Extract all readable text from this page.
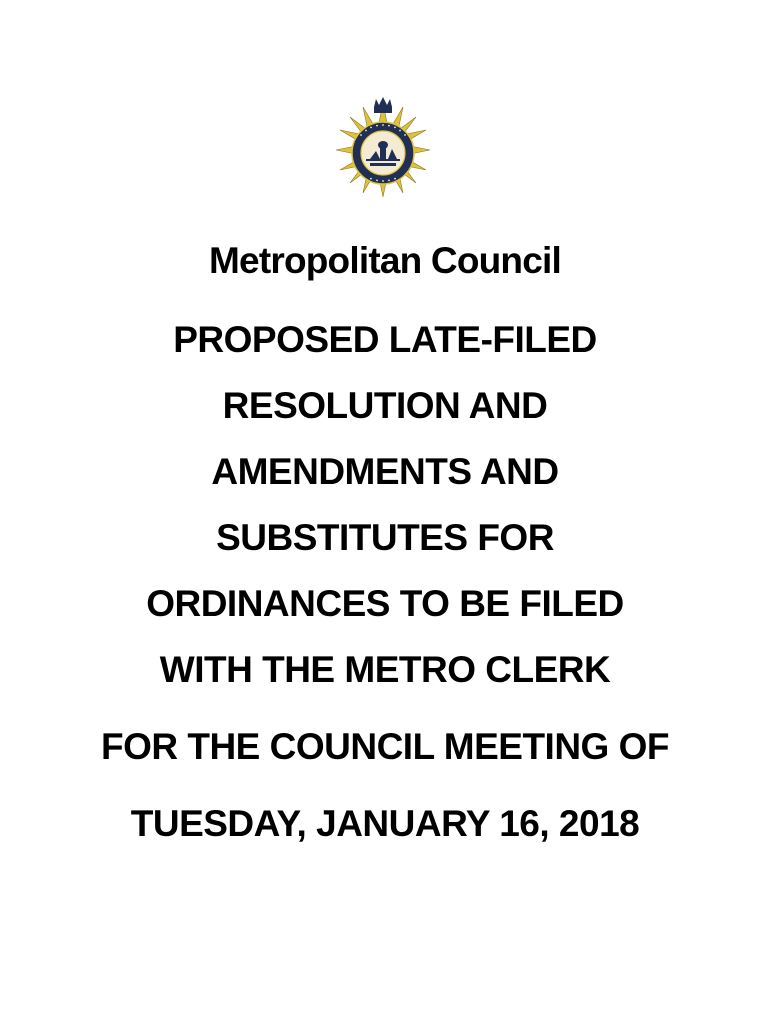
Metropolitan Council
PROPOSED LATE-FILED
RESOLUTION AND
AMENDMENTS AND
SUBSTITUTES FOR
ORDINANCES TO BE FILED
WITH THE METRO CLERK
FOR THE COUNCIL MEETING OF
TUESDAY, JANUARY 16, 2018
